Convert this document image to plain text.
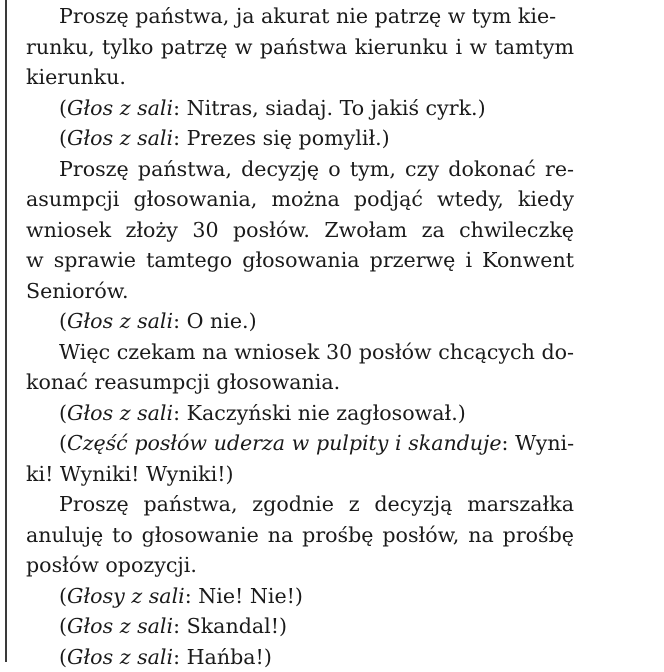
Proszę państwa, ja akurat nie patrzę w tym kie-
runku, tylko patrzę w państwa kierunku i w tamtym
kierunku.
(Głos z sali: Nitras, siadaj. To jakiś cyrk.)
(Głos z sali: Prezes się pomylił.)
Proszę państwa, decyzję o tym, czy dokonać re-
asumpcji głosowania, można podjąć wtedy, kiedy
wniosek złoży 30 posłów. Zwołam za chwileczkę
w sprawie tamtego głosowania przerwę i Konwent
Seniorów.
(Głos z sali: O nie.)
Więc czekam na wniosek 30 posłów chcących do-
konać reasumpcji głosowania.
(Głos z sali: Kaczyński nie zagłosował.)
(Część posłów uderza w pulpity i skanduje: Wyni-
ki! Wyniki! Wyniki!)
Proszę państwa, zgodnie z decyzją marszałka
anuluję to głosowanie na prośbę posłów, na prośbę
posłów opozycji.
(Głosy z sali: Nie! Nie!)
(Głos z sali: Skandal!)
(Głos z sali: Hańba!)
